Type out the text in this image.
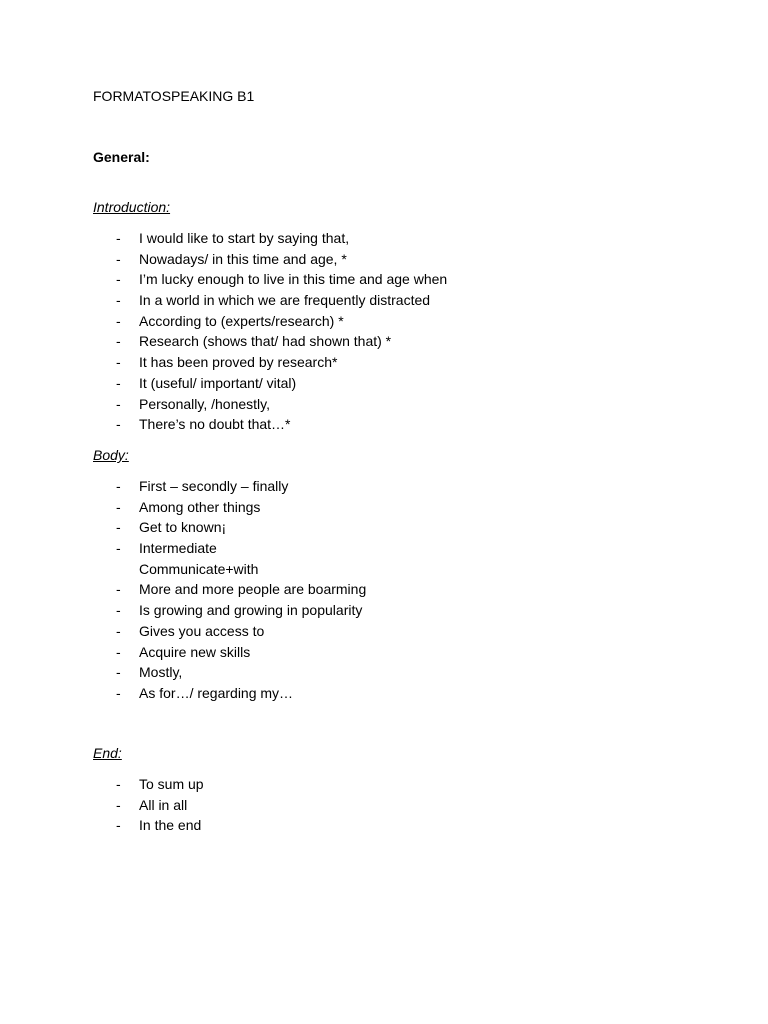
FORMATOSPEAKING B1
General:
Introduction:
- I would like to start by saying that,
- Nowadays/ in this time and age, *
- I’m lucky enough to live in this time and age when
- In a world in which we are frequently distracted
- According to (experts/research) *
- Research (shows that/ had shown that) *
- It has been proved by research*
- It (useful/ important/ vital)
- Personally, /honestly,
- There’s no doubt that…*
Body:
- First – secondly – finally
- Among other things
- Get to known¡
- Intermediate
Communicate+with
- More and more people are boarming
- Is growing and growing in popularity
- Gives you access to
- Acquire new skills
- Mostly,
- As for…/ regarding my…
End:
- To sum up
- All in all
- In the end
